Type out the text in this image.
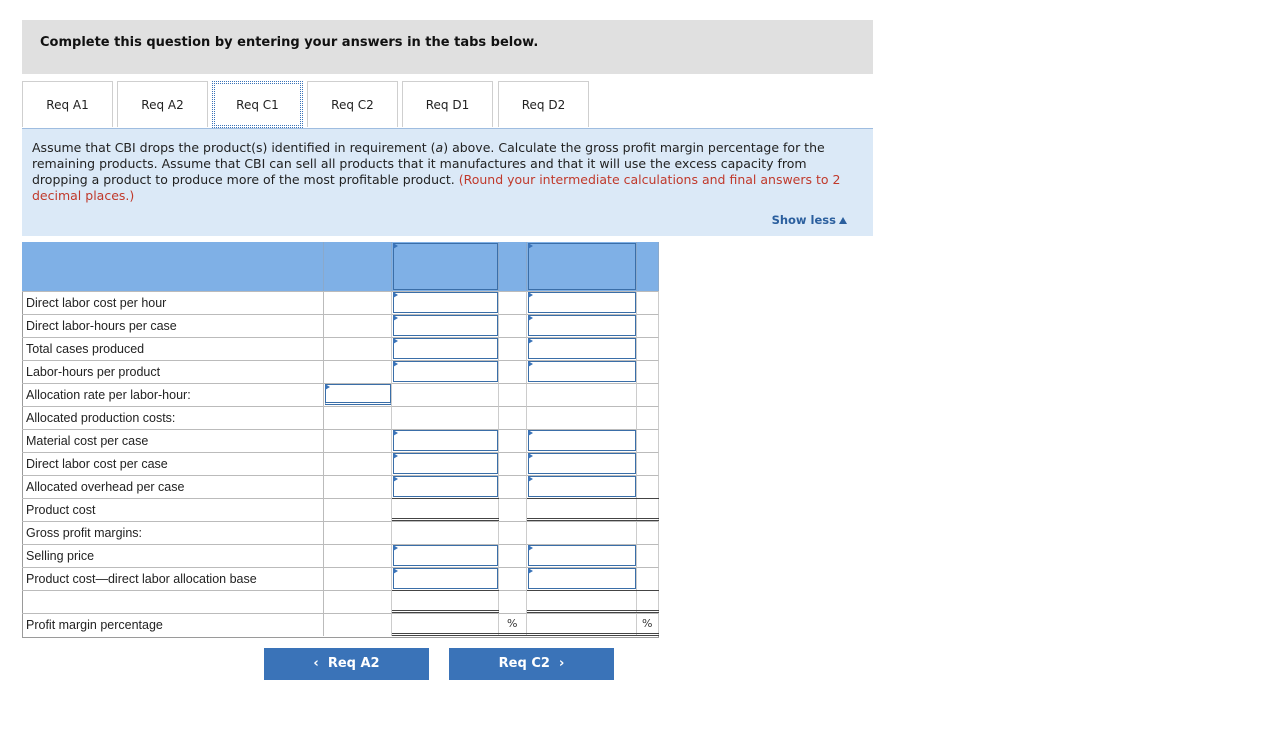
Complete this question by entering your answers in the tabs below.
Req A1	Req A2	Req C1	Req C2	Req D1	Req D2
Assume that CBI drops the product(s) identified in requirement (a) above. Calculate the gross profit margin percentage for the remaining products. Assume that CBI can sell all products that it manufactures and that it will use the excess capacity from dropping a product to produce more of the most profitable product. (Round your intermediate calculations and final answers to 2 decimal places.)
Show less
Direct labor cost per hour
Direct labor-hours per case
Total cases produced
Labor-hours per product
Allocation rate per labor-hour:
Allocated production costs:
Material cost per case
Direct labor cost per case
Allocated overhead per case
Product cost
Gross profit margins:
Selling price
Product cost—direct labor allocation base
Profit margin percentage	%	%
‹ Req A2	Req C2 ›
